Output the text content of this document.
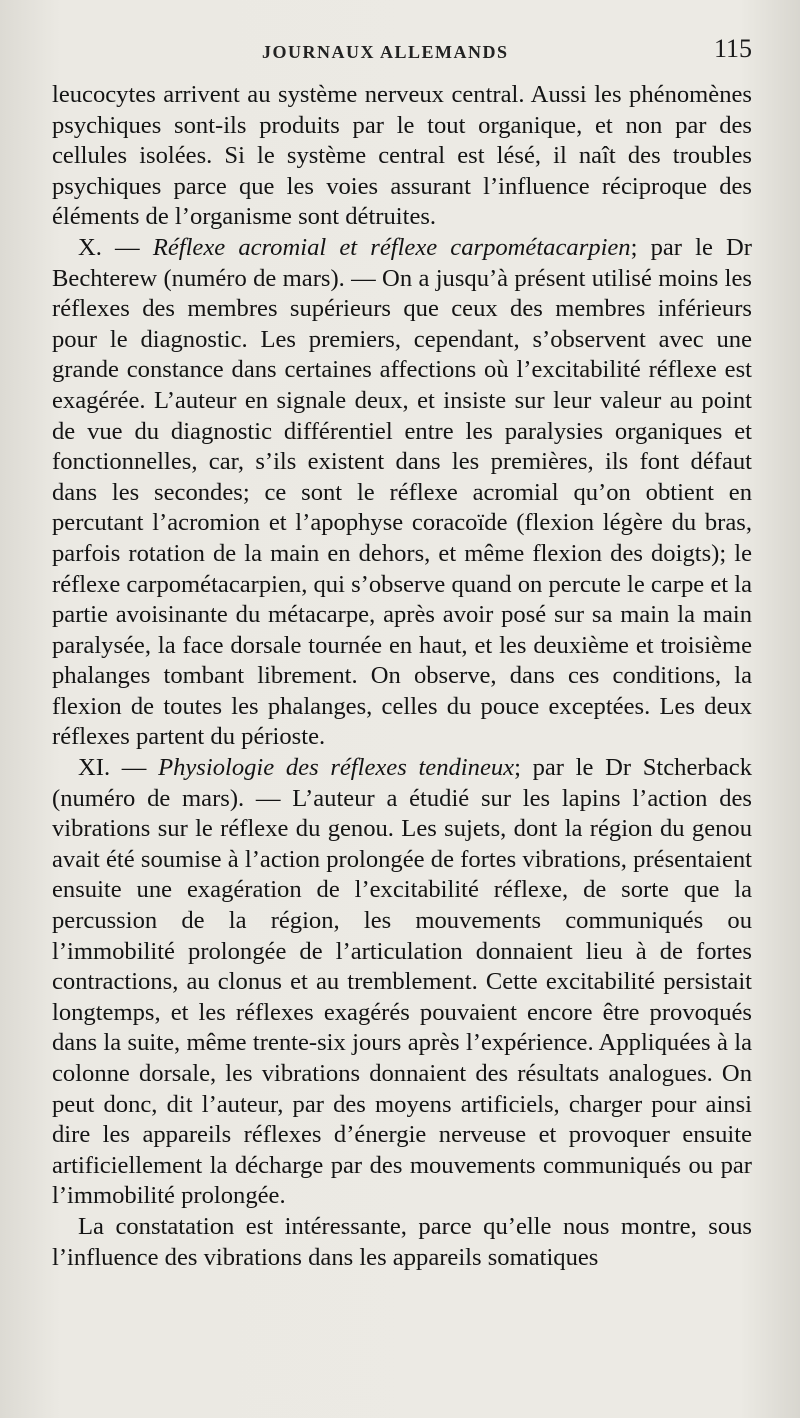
JOURNAUX ALLEMANDS	115

leucocytes arrivent au système nerveux central. Aussi les phénomènes psychiques sont-ils produits par le tout organique, et non par des cellules isolées. Si le système central est lésé, il naît des troubles psychiques parce que les voies assurant l’influence réciproque des éléments de l’organisme sont détruites.

X. — Réflexe acromial et réflexe carpométacarpien; par le Dr Bechterew (numéro de mars). — On a jusqu’à présent utilisé moins les réflexes des membres supérieurs que ceux des membres inférieurs pour le diagnostic. Les premiers, cependant, s’observent avec une grande constance dans certaines affections où l’excitabilité réflexe est exagérée. L’auteur en signale deux, et insiste sur leur valeur au point de vue du diagnostic différentiel entre les paralysies organiques et fonctionnelles, car, s’ils existent dans les premières, ils font défaut dans les secondes; ce sont le réflexe acromial qu’on obtient en percutant l’acromion et l’apophyse coracoïde (flexion légère du bras, parfois rotation de la main en dehors, et même flexion des doigts); le réflexe carpométacarpien, qui s’observe quand on percute le carpe et la partie avoisinante du métacarpe, après avoir posé sur sa main la main paralysée, la face dorsale tournée en haut, et les deuxième et troisième phalanges tombant librement. On observe, dans ces conditions, la flexion de toutes les phalanges, celles du pouce exceptées. Les deux réflexes partent du périoste.

XI. — Physiologie des réflexes tendineux; par le Dr Stcherback (numéro de mars). — L’auteur a étudié sur les lapins l’action des vibrations sur le réflexe du genou. Les sujets, dont la région du genou avait été soumise à l’action prolongée de fortes vibrations, présentaient ensuite une exagération de l’excitabilité réflexe, de sorte que la percussion de la région, les mouvements communiqués ou l’immobilité prolongée de l’articulation donnaient lieu à de fortes contractions, au clonus et au tremblement. Cette excitabilité persistait longtemps, et les réflexes exagérés pouvaient encore être provoqués dans la suite, même trente-six jours après l’expérience. Appliquées à la colonne dorsale, les vibrations donnaient des résultats analogues. On peut donc, dit l’auteur, par des moyens artificiels, charger pour ainsi dire les appareils réflexes d’énergie nerveuse et provoquer ensuite artificiellement la décharge par des mouvements communiqués ou par l’immobilité prolongée.

La constatation est intéressante, parce qu’elle nous montre, sous l’influence des vibrations dans les appareils somatiques
